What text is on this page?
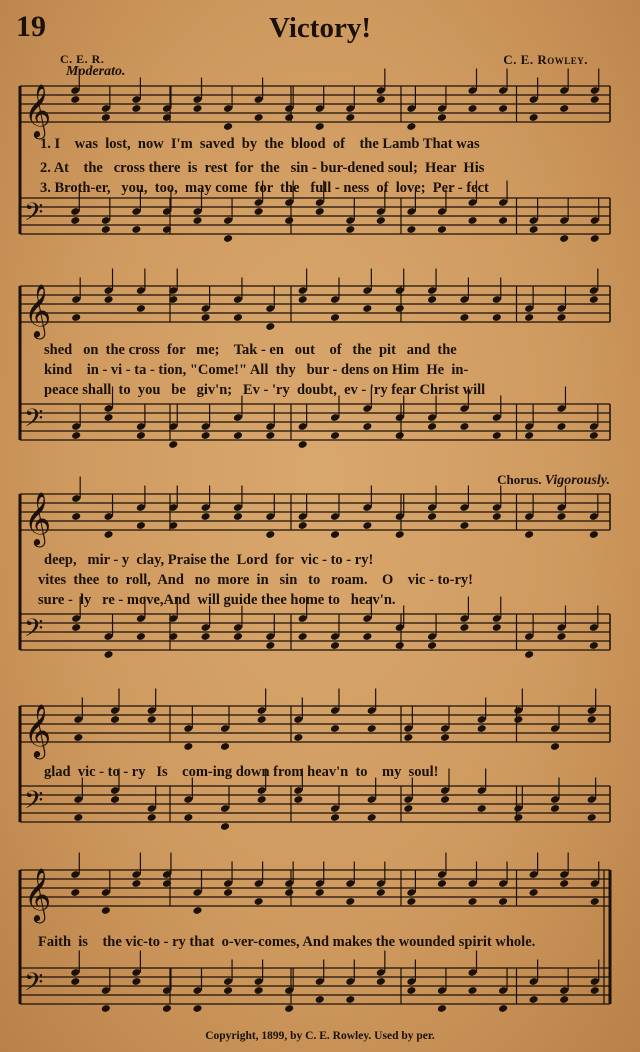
19	Victory!
C. E. R.	C. E. Rowley.
Moderato.
Chorus. Vigorously.
𝄞
𝄢
𝄞
𝄢
𝄞
𝄢
𝄞
𝄢
𝄞
𝄢
1. I    was  lost,  now  I'm  saved  by  the  blood  of    the Lamb That was
2. At    the   cross there  is  rest  for  the   sin - bur-dened soul;  Hear  His
3. Broth-er,   you,  too,  may come  for  the   full - ness  of  love;  Per - fect
shed   on  the cross  for   me;    Tak - en   out    of   the  pit   and  the
kind    in - vi - ta - tion, "Come!" All  thy   bur - dens on Him  He  in-
peace shall  to  you   be   giv'n;   Ev - 'ry  doubt,  ev - 'ry fear Christ will
deep,   mir - y  clay, Praise the  Lord  for  vic - to - ry!
vites  thee  to  roll,  And   no  more  in   sin   to   roam.    O    vic - to-ry!
sure -  ly   re - move,And  will guide thee home to   heav'n.
glad  vic - to - ry   Is    com-ing down from heav'n  to    my  soul!
Faith  is    the vic-to - ry that  o-ver-comes, And makes the wounded spirit whole.
Copyright, 1899, by C. E. Rowley. Used by per.
